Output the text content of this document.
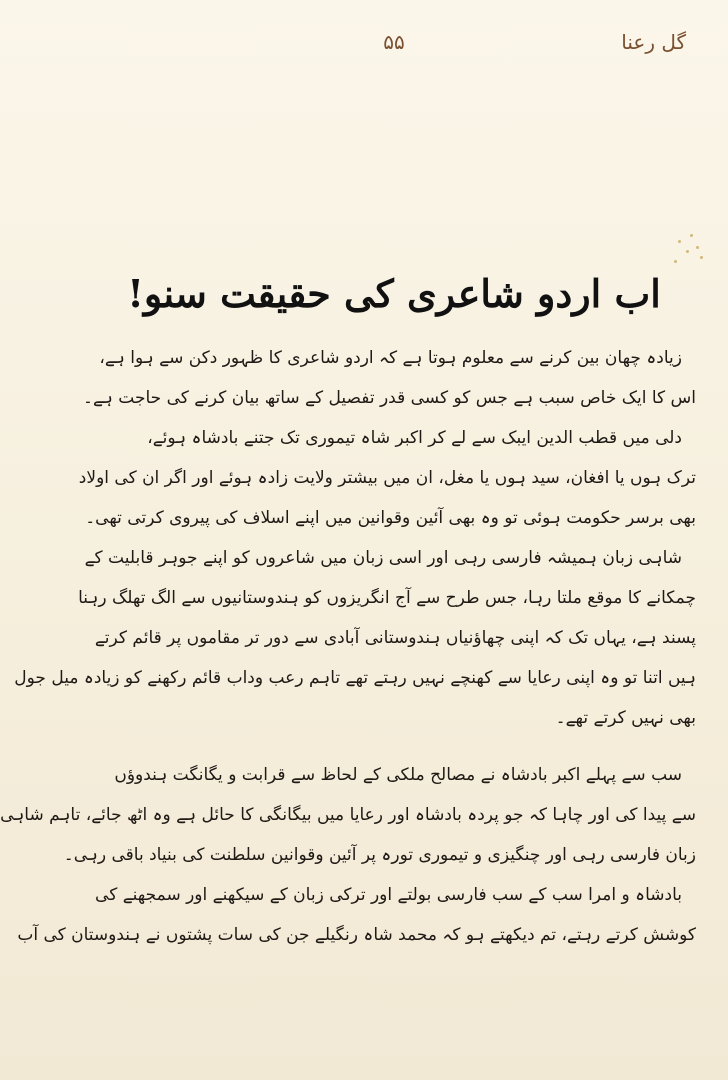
گل رعنا
۵۵
اب اردو شاعری کی حقیقت سنو!
زیادہ چھان بین کرنے سے معلوم ہوتا ہے کہ اردو شاعری کا ظہور دکن سے ہوا ہے،
اس کا ایک خاص سبب ہے جس کو کسی قدر تفصیل کے ساتھ بیان کرنے کی حاجت ہے۔
دلی میں قطب الدین ایبک سے لے کر اکبر شاہ تیموری تک جتنے بادشاہ ہوئے،
ترک ہوں یا افغان، سید ہوں یا مغل، ان میں بیشتر ولایت زادہ ہوئے اور اگر ان کی اولاد
بھی برسر حکومت ہوئی تو وہ بھی آئین وقوانین میں اپنے اسلاف کی پیروی کرتی تھی۔
شاہی زبان ہمیشہ فارسی رہی اور اسی زبان میں شاعروں کو اپنے جوہر قابلیت کے
چمکانے کا موقع ملتا رہا، جس طرح سے آج انگریزوں کو ہندوستانیوں سے الگ تھلگ رہنا
پسند ہے، یہاں تک کہ اپنی چھاؤنیاں ہندوستانی آبادی سے دور تر مقاموں پر قائم کرتے
ہیں اتنا تو وہ اپنی رعایا سے کھنچے نہیں رہتے تھے تاہم رعب وداب قائم رکھنے کو زیادہ میل جول
بھی نہیں کرتے تھے۔
سب سے پہلے اکبر بادشاہ نے مصالح ملکی کے لحاظ سے قرابت و یگانگت ہندوؤں
سے پیدا کی اور چاہا کہ جو پردہ بادشاہ اور رعایا میں بیگانگی کا حائل ہے وہ اٹھ جائے، تاہم شاہی
زبان فارسی رہی اور چنگیزی و تیموری تورہ پر آئین وقوانین سلطنت کی بنیاد باقی رہی۔
بادشاہ و امرا سب کے سب فارسی بولتے اور ترکی زبان کے سیکھنے اور سمجھنے کی
کوشش کرتے رہتے، تم دیکھتے ہو کہ محمد شاہ رنگیلے جن کی سات پشتوں نے ہندوستان کی آب
